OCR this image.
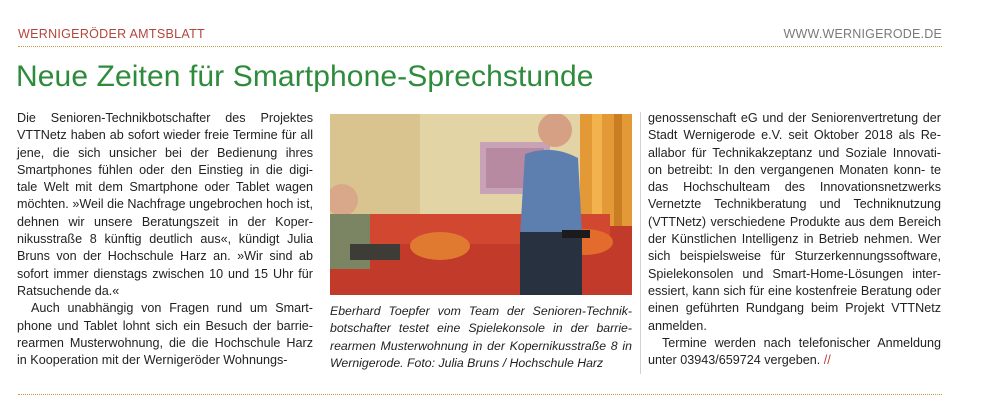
WERNIGERÖDER AMTSBLATT	WWW.WERNIGERODE.DE
Neue Zeiten für Smartphone-Sprechstunde

Die Senioren-Technikbotschafter des Projektes VTTNetz haben ab sofort wieder freie Termine für all jene, die sich unsicher bei der Bedienung ihres Smartphones fühlen oder den Einstieg in die digi- tale Welt mit dem Smartphone oder Tablet wagen möchten. »Weil die Nachfrage ungebrochen hoch ist, dehnen wir unsere Beratungszeit in der Koper- nikusstraße 8 künftig deutlich aus«, kündigt Julia Bruns von der Hochschule Harz an. »Wir sind ab sofort immer dienstags zwischen 10 und 15 Uhr für Ratsuchende da.«

Auch unabhängig von Fragen rund um Smart- phone und Tablet lohnt sich ein Besuch der barrie- rearmen Musterwohnung, die die Hochschule Harz in Kooperation mit der Wernigeröder Wohnungs-

Eberhard Toepfer vom Team der Senioren-Technik- botschafter testet eine Spielekonsole in der barrie- rearmen Musterwohnung in der Kopernikusstraße 8 in Wernigerode. Foto: Julia Bruns / Hochschule Harz

genossenschaft eG und der Seniorenvertretung der Stadt Wernigerode e.V. seit Oktober 2018 als Re- allabor für Technikakzeptanz und Soziale Innovati- on betreibt: In den vergangenen Monaten konn- te das Hochschulteam des Innovationsnetzwerks Vernetzte Technikberatung und Techniknutzung (VTTNetz) verschiedene Produkte aus dem Bereich der Künstlichen Intelligenz in Betrieb nehmen. Wer sich beispielsweise für Sturzerkennungssoftware, Spielekonsolen und Smart-Home-Lösungen inter- essiert, kann sich für eine kostenfreie Beratung oder einen geführten Rundgang beim Projekt VTTNetz anmelden.

Termine werden nach telefonischer Anmeldung unter 03943/659724 vergeben. //
